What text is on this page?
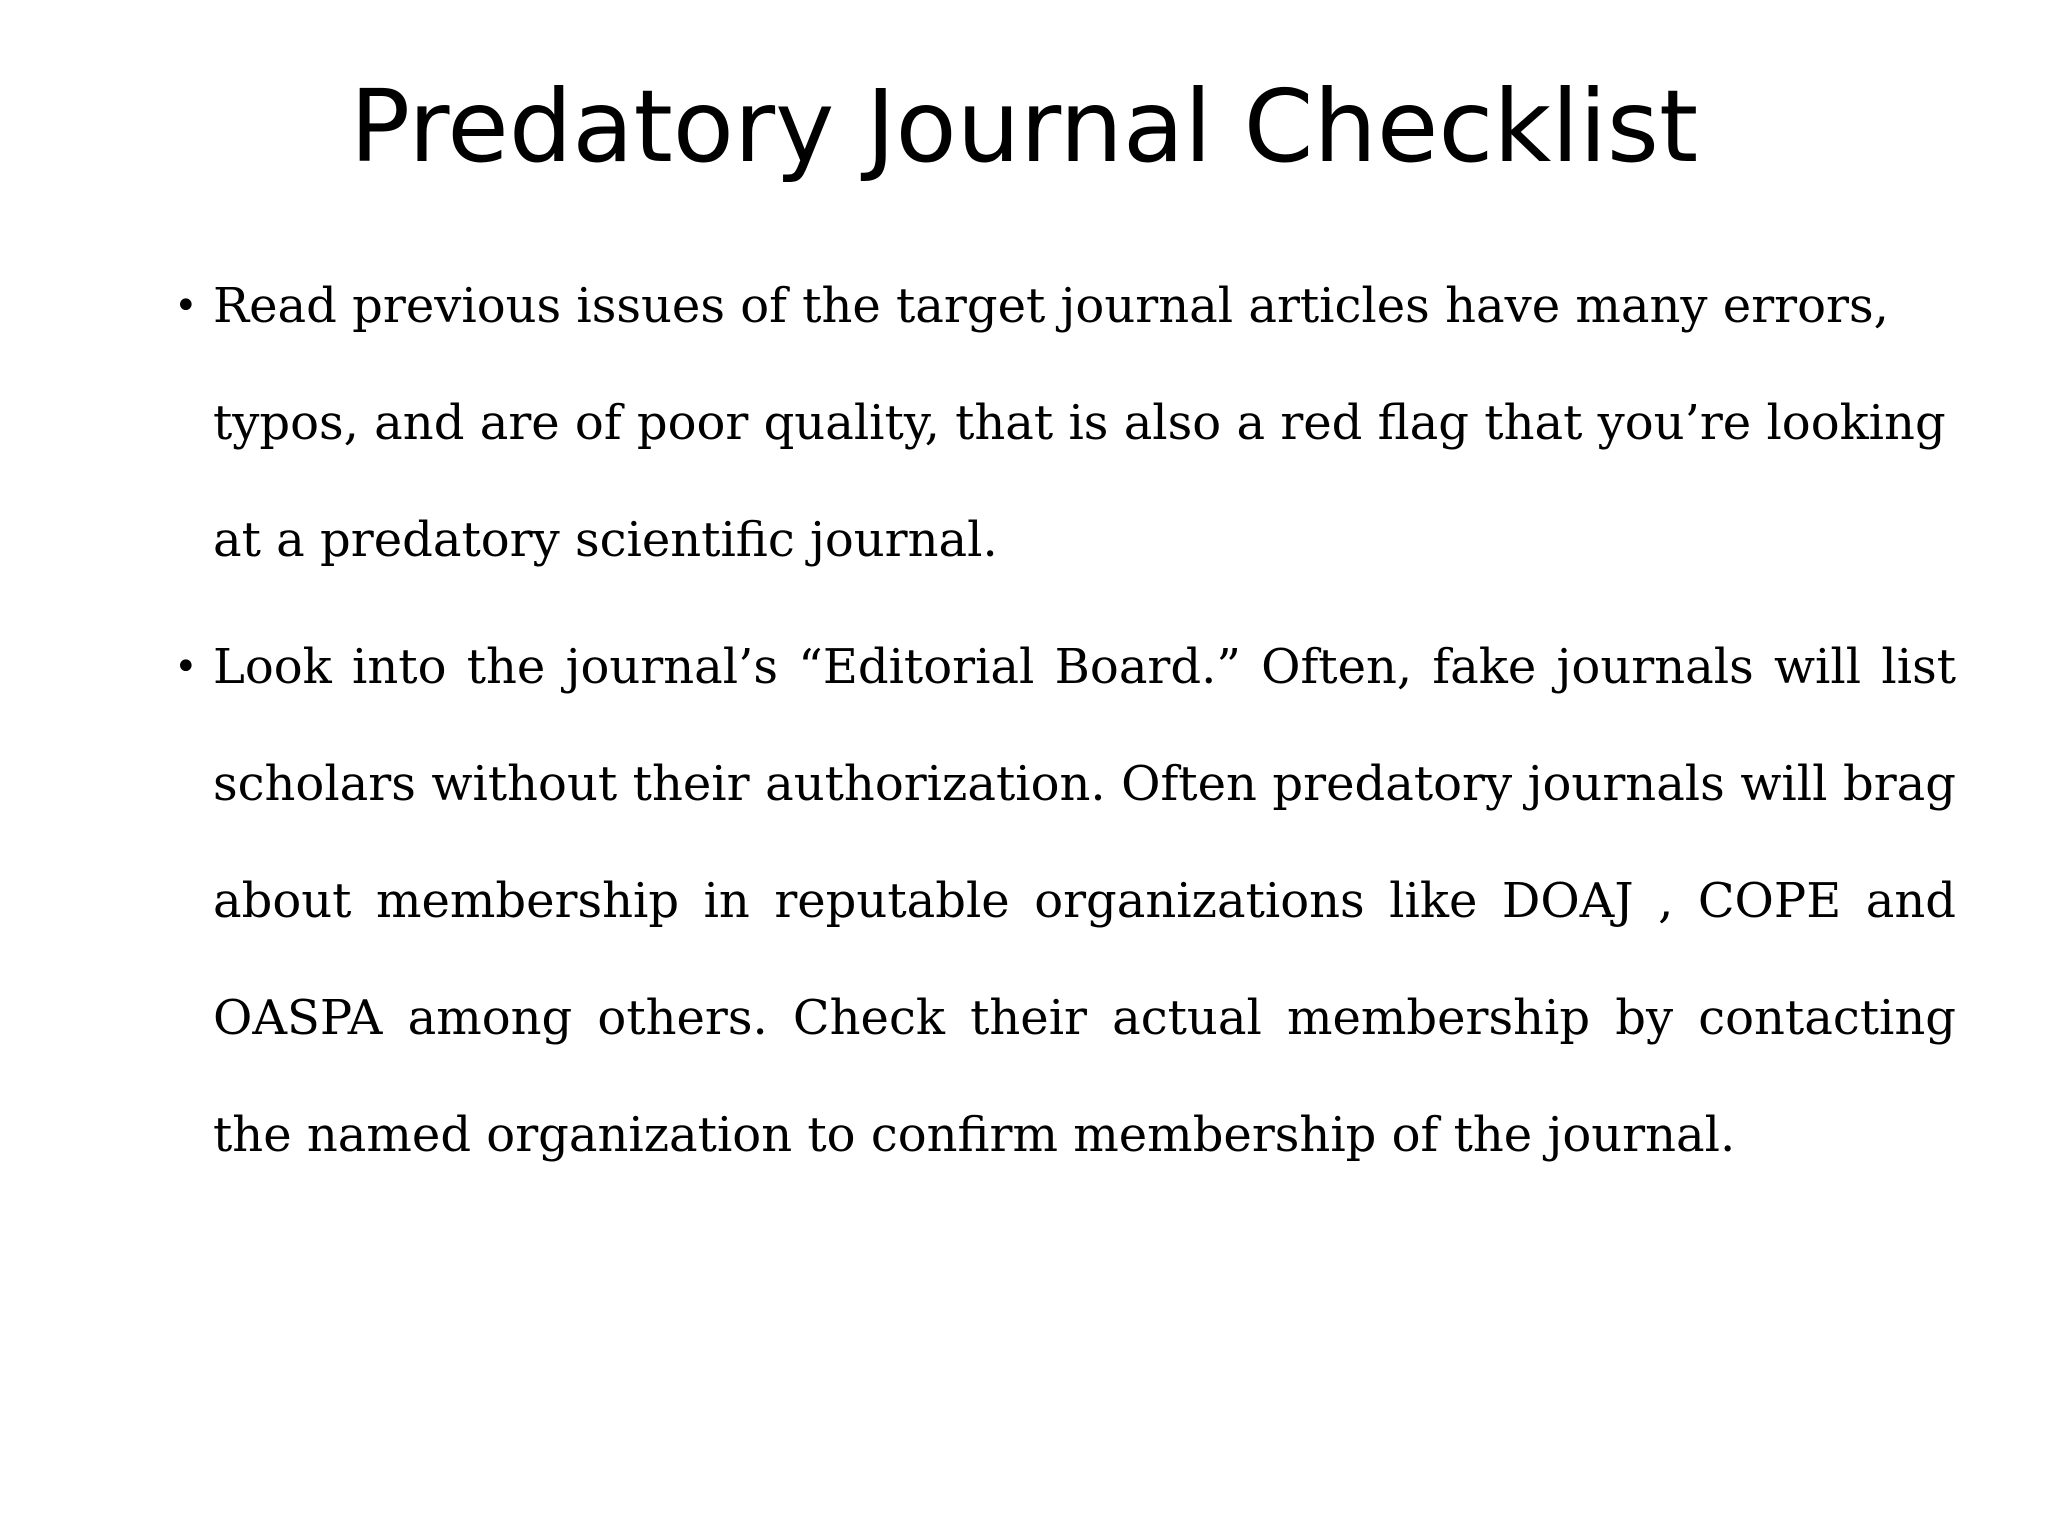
Predatory Journal Checklist
• Read previous issues of the target journal articles have many errors, typos, and are of poor quality, that is also a red flag that you’re looking at a predatory scientific journal.
• Look into the journal’s “Editorial Board.” Often, fake journals will list scholars without their authorization. Often predatory journals will brag about membership in reputable organizations like DOAJ , COPE and OASPA among others. Check their actual membership by contacting the named organization to confirm membership of the journal.
